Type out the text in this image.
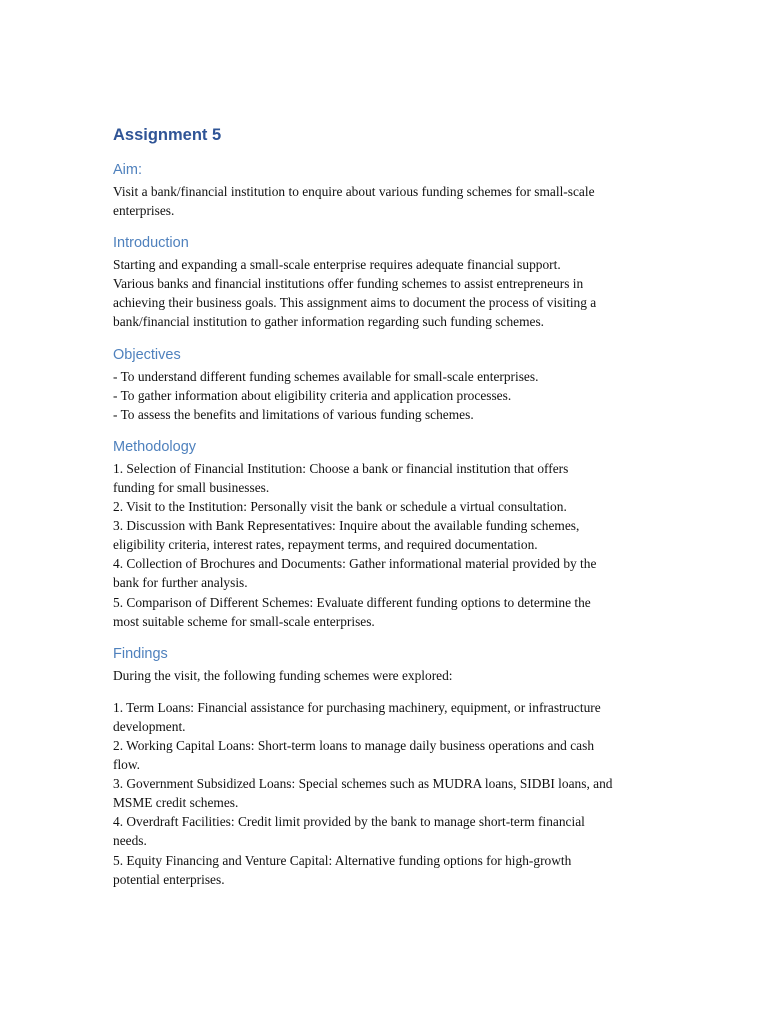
Assignment 5
Aim:
Visit a bank/financial institution to enquire about various funding schemes for small-scale
enterprises.
Introduction
Starting and expanding a small-scale enterprise requires adequate financial support.
Various banks and financial institutions offer funding schemes to assist entrepreneurs in
achieving their business goals. This assignment aims to document the process of visiting a
bank/financial institution to gather information regarding such funding schemes.
Objectives
- To understand different funding schemes available for small-scale enterprises.
- To gather information about eligibility criteria and application processes.
- To assess the benefits and limitations of various funding schemes.
Methodology
1. Selection of Financial Institution: Choose a bank or financial institution that offers
funding for small businesses.
2. Visit to the Institution: Personally visit the bank or schedule a virtual consultation.
3. Discussion with Bank Representatives: Inquire about the available funding schemes,
eligibility criteria, interest rates, repayment terms, and required documentation.
4. Collection of Brochures and Documents: Gather informational material provided by the
bank for further analysis.
5. Comparison of Different Schemes: Evaluate different funding options to determine the
most suitable scheme for small-scale enterprises.
Findings
During the visit, the following funding schemes were explored:
1. Term Loans: Financial assistance for purchasing machinery, equipment, or infrastructure
development.
2. Working Capital Loans: Short-term loans to manage daily business operations and cash
flow.
3. Government Subsidized Loans: Special schemes such as MUDRA loans, SIDBI loans, and
MSME credit schemes.
4. Overdraft Facilities: Credit limit provided by the bank to manage short-term financial
needs.
5. Equity Financing and Venture Capital: Alternative funding options for high-growth
potential enterprises.
